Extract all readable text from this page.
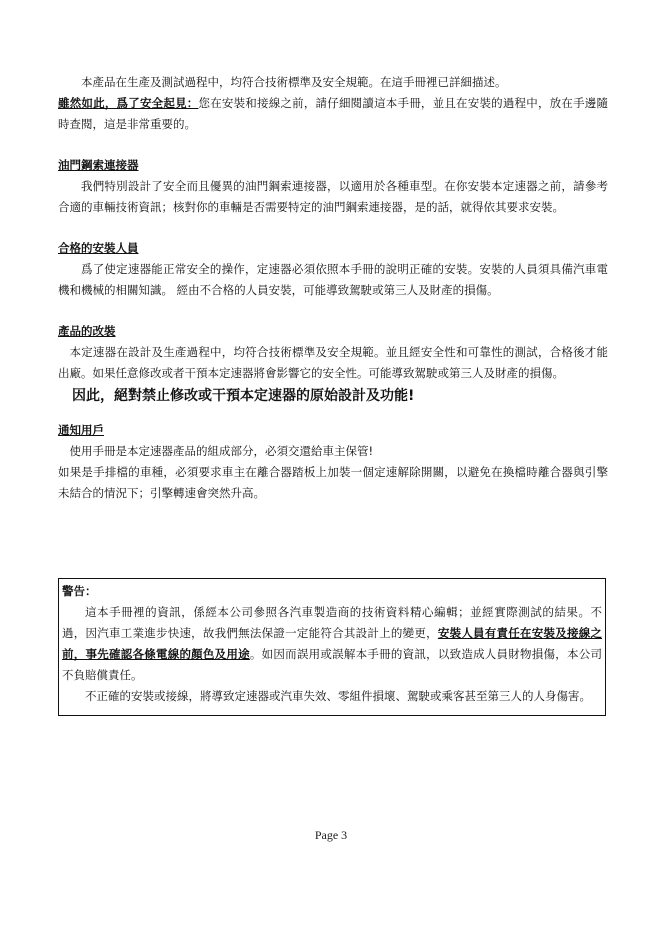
本產品在生產及測試過程中，均符合技術標準及安全規範。在這手冊裡已詳細描述。

雖然如此，爲了安全起見：您在安裝和接線之前，請仔細閱讀這本手冊，並且在安裝的過程中，放在手邊隨時查閱，這是非常重要的。

油門鋼索連接器

我們特別設計了安全而且優異的油門鋼索連接器，以適用於各種車型。在你安裝本定速器之前，請參考合適的車輛技術資訊；核對你的車輛是否需要特定的油門鋼索連接器，是的話，就得依其要求安裝。

合格的安裝人員

爲了使定速器能正常安全的操作，定速器必須依照本手冊的說明正確的安裝。安裝的人員須具備汽車電機和機械的相關知識。 經由不合格的人員安裝，可能導致駕駛或第三人及財產的損傷。

產品的改裝

本定速器在設計及生產過程中，均符合技術標準及安全規範。並且經安全性和可靠性的測試，合格後才能出廠。如果任意修改或者干預本定速器將會影響它的安全性。可能導致駕駛或第三人及財產的損傷。

因此，絕對禁止修改或干預本定速器的原始設計及功能!

通知用戶

使用手冊是本定速器產品的組成部分，必須交還給車主保管!

如果是手排檔的車種，必須要求車主在離合器踏板上加裝一個定速解除開關，以避免在換檔時離合器與引擎未結合的情況下；引擎轉速會突然升高。

警告：

這本手冊裡的資訊，係經本公司參照各汽車製造商的技術資料精心編輯；並經實際測試的結果。不過，因汽車工業進步快速，故我們無法保證一定能符合其設計上的變更，安裝人員有責任在安裝及接線之前，事先確認各條電線的顏色及用途。如因而誤用或誤解本手冊的資訊，以致造成人員財物損傷，本公司不負賠償責任。

不正確的安裝或接線，將導致定速器或汽車失效、零組件損壞、駕駛或乘客甚至第三人的人身傷害。

Page 3
